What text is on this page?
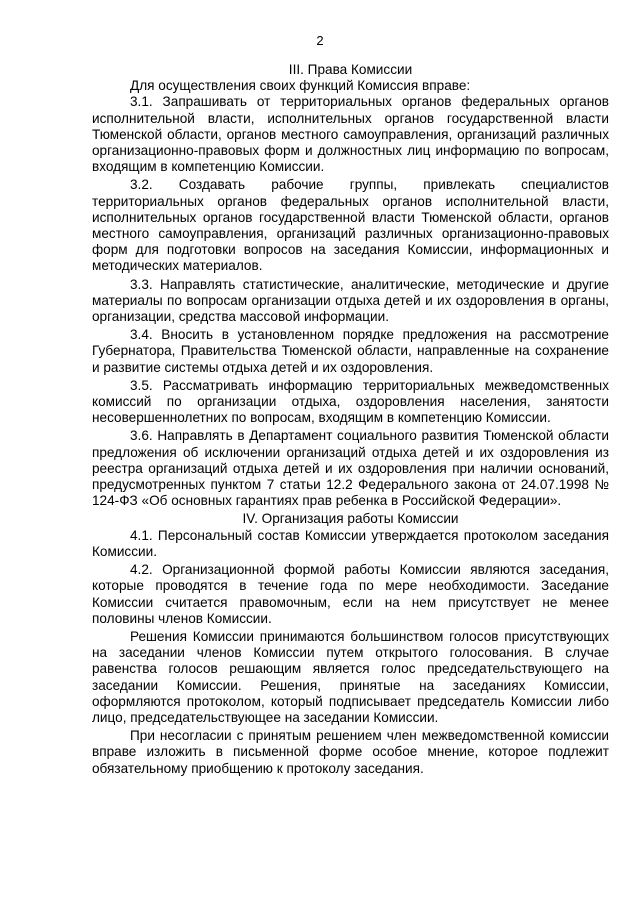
2

III. Права Комиссии

Для осуществления своих функций Комиссия вправе:

3.1. Запрашивать от территориальных органов федеральных органов исполнительной власти, исполнительных органов государственной власти Тюменской области, органов местного самоуправления, организаций различных организационно-правовых форм и должностных лиц информацию по вопросам, входящим в компетенцию Комиссии.

3.2. Создавать рабочие группы, привлекать специалистов территориальных органов федеральных органов исполнительной власти, исполнительных органов государственной власти Тюменской области, органов местного самоуправления, организаций различных организационно-правовых форм для подготовки вопросов на заседания Комиссии, информационных и методических материалов.

3.3. Направлять статистические, аналитические, методические и другие материалы по вопросам организации отдыха детей и их оздоровления в органы, организации, средства массовой информации.

3.4. Вносить в установленном порядке предложения на рассмотрение Губернатора, Правительства Тюменской области, направленные на сохранение и развитие системы отдыха детей и их оздоровления.

3.5. Рассматривать информацию территориальных межведомственных комиссий по организации отдыха, оздоровления населения, занятости несовершеннолетних по вопросам, входящим в компетенцию Комиссии.

3.6. Направлять в Департамент социального развития Тюменской области предложения об исключении организаций отдыха детей и их оздоровления из реестра организаций отдыха детей и их оздоровления при наличии оснований, предусмотренных пунктом 7 статьи 12.2 Федерального закона от 24.07.1998 № 124-ФЗ «Об основных гарантиях прав ребенка в Российской Федерации».

IV. Организация работы Комиссии

4.1. Персональный состав Комиссии утверждается протоколом заседания Комиссии.

4.2. Организационной формой работы Комиссии являются заседания, которые проводятся в течение года по мере необходимости. Заседание Комиссии считается правомочным, если на нем присутствует не менее половины членов Комиссии.

Решения Комиссии принимаются большинством голосов присутствующих на заседании членов Комиссии путем открытого голосования. В случае равенства голосов решающим является голос председательствующего на заседании Комиссии. Решения, принятые на заседаниях Комиссии, оформляются протоколом, который подписывает председатель Комиссии либо лицо, председательствующее на заседании Комиссии.

При несогласии с принятым решением член межведомственной комиссии вправе изложить в письменной форме особое мнение, которое подлежит обязательному приобщению к протоколу заседания.
